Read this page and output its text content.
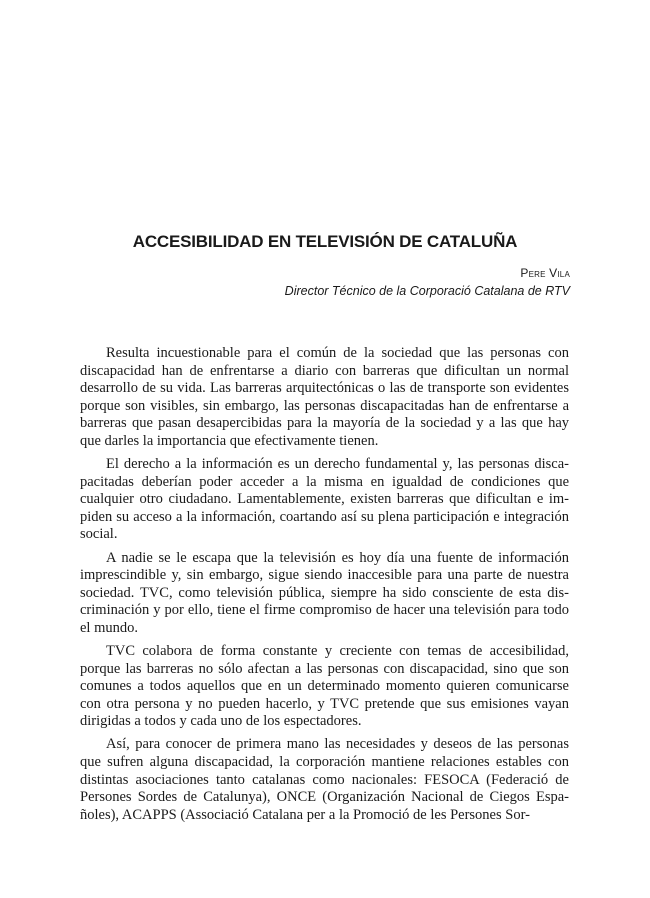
ACCESIBILIDAD EN TELEVISIÓN DE CATALUÑA
Pere Vila
Director Técnico de la Corporació Catalana de RTV

Resulta incuestionable para el común de la sociedad que las personas con discapacidad han de enfrentarse a diario con barreras que dificultan un normal desarrollo de su vida. Las barreras arquitectónicas o las de transporte son evidentes porque son visibles, sin embargo, las personas discapacitadas han de enfrentarse a barreras que pasan desapercibidas para la mayoría de la sociedad y a las que hay que darles la importancia que efectivamente tienen.

El derecho a la información es un derecho fundamental y, las personas discapacitadas deberían poder acceder a la misma en igualdad de condiciones que cualquier otro ciudadano. Lamentablemente, existen barreras que dificultan e impiden su acceso a la información, coartando así su plena participación e integración social.

A nadie se le escapa que la televisión es hoy día una fuente de información imprescindible y, sin embargo, sigue siendo inaccesible para una parte de nuestra sociedad. TVC, como televisión pública, siempre ha sido consciente de esta discriminación y por ello, tiene el firme compromiso de hacer una televisión para todo el mundo.

TVC colabora de forma constante y creciente con temas de accesibilidad, porque las barreras no sólo afectan a las personas con discapacidad, sino que son comunes a todos aquellos que en un determinado momento quieren comunicarse con otra persona y no pueden hacerlo, y TVC pretende que sus emisiones vayan dirigidas a todos y cada uno de los espectadores.

Así, para conocer de primera mano las necesidades y deseos de las personas que sufren alguna discapacidad, la corporación mantiene relaciones estables con distintas asociaciones tanto catalanas como nacionales: FESOCA (Federació de Persones Sordes de Catalunya), ONCE (Organización Nacional de Ciegos Españoles), ACAPPS (Associació Catalana per a la Promoció de les Persones Sor-
